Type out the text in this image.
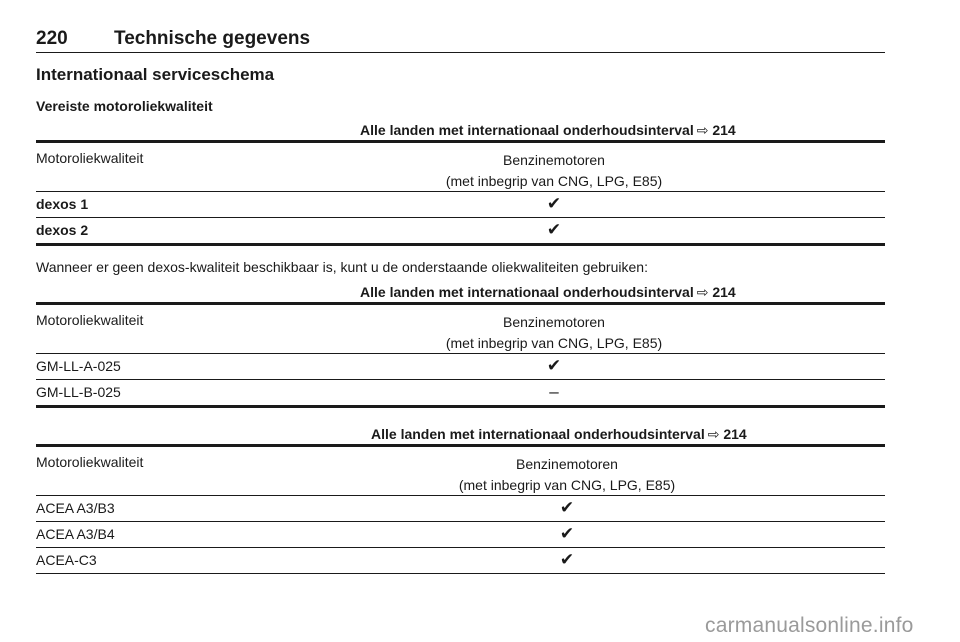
220 Technische gegevens
Internationaal serviceschema
Vereiste motoroliekwaliteit
Alle landen met internationaal onderhoudsinterval ⇨ 214
Motoroliekwaliteit	Benzinemotoren
(met inbegrip van CNG, LPG, E85)
dexos 1	✔
dexos 2	✔
Wanneer er geen dexos-kwaliteit beschikbaar is, kunt u de onderstaande oliekwaliteiten gebruiken:
Alle landen met internationaal onderhoudsinterval ⇨ 214
Motoroliekwaliteit	Benzinemotoren
(met inbegrip van CNG, LPG, E85)
GM-LL-A-025	✔
GM-LL-B-025	–
Alle landen met internationaal onderhoudsinterval ⇨ 214
Motoroliekwaliteit	Benzinemotoren
(met inbegrip van CNG, LPG, E85)
ACEA A3/B3	✔
ACEA A3/B4	✔
ACEA-C3	✔
carmanualsonline.info
